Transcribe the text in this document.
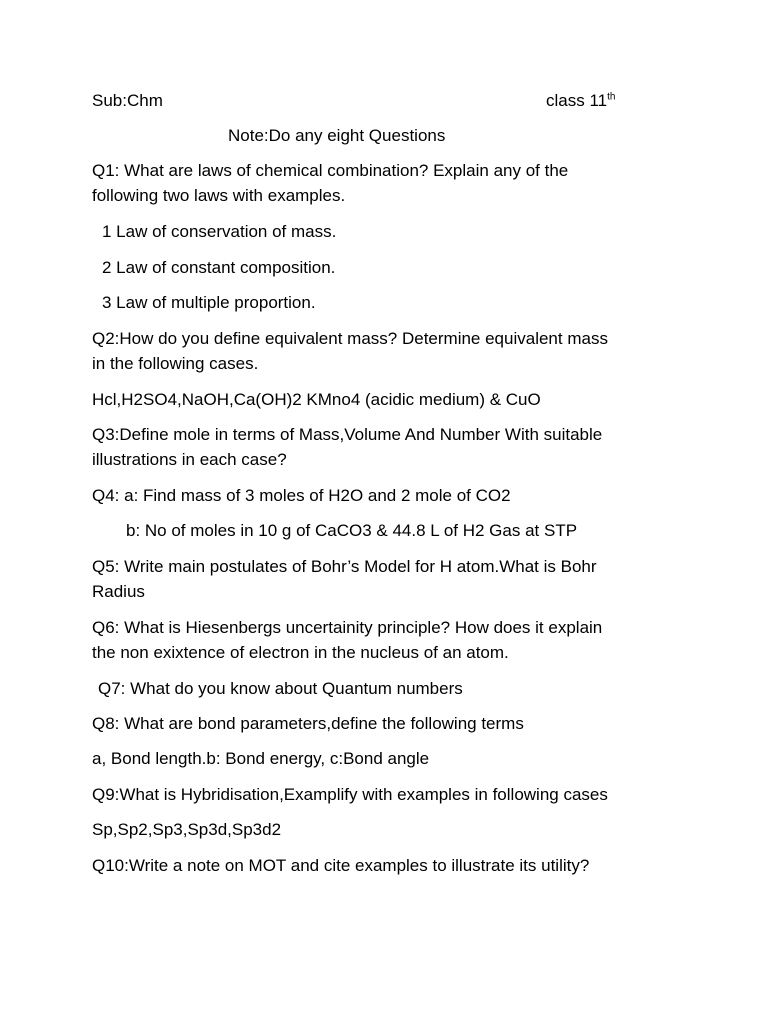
Sub:Chm	class 11th
Note:Do any eight Questions
Q1: What are laws of chemical combination? Explain any of the
following two laws with examples.
1 Law of conservation of mass.
2 Law of constant composition.
3 Law of multiple proportion.
Q2:How do you define equivalent mass? Determine equivalent mass
in the following cases.
Hcl,H2SO4,NaOH,Ca(OH)2 KMno4 (acidic medium) & CuO
Q3:Define mole in terms of Mass,Volume And Number With suitable
illustrations in each case?
Q4: a: Find mass of 3 moles of H2O and 2 mole of CO2
b: No of moles in 10 g of CaCO3 & 44.8 L of H2 Gas at STP
Q5: Write main postulates of Bohr’s Model for H atom.What is Bohr
Radius
Q6: What is Hiesenbergs uncertainity principle? How does it explain
the non exixtence of electron in the nucleus of an atom.
Q7: What do you know about Quantum numbers
Q8: What are bond parameters,define the following terms
a, Bond length.b: Bond energy, c:Bond angle
Q9:What is Hybridisation,Examplify with examples in following cases
Sp,Sp2,Sp3,Sp3d,Sp3d2
Q10:Write a note on MOT and cite examples to illustrate its utility?
